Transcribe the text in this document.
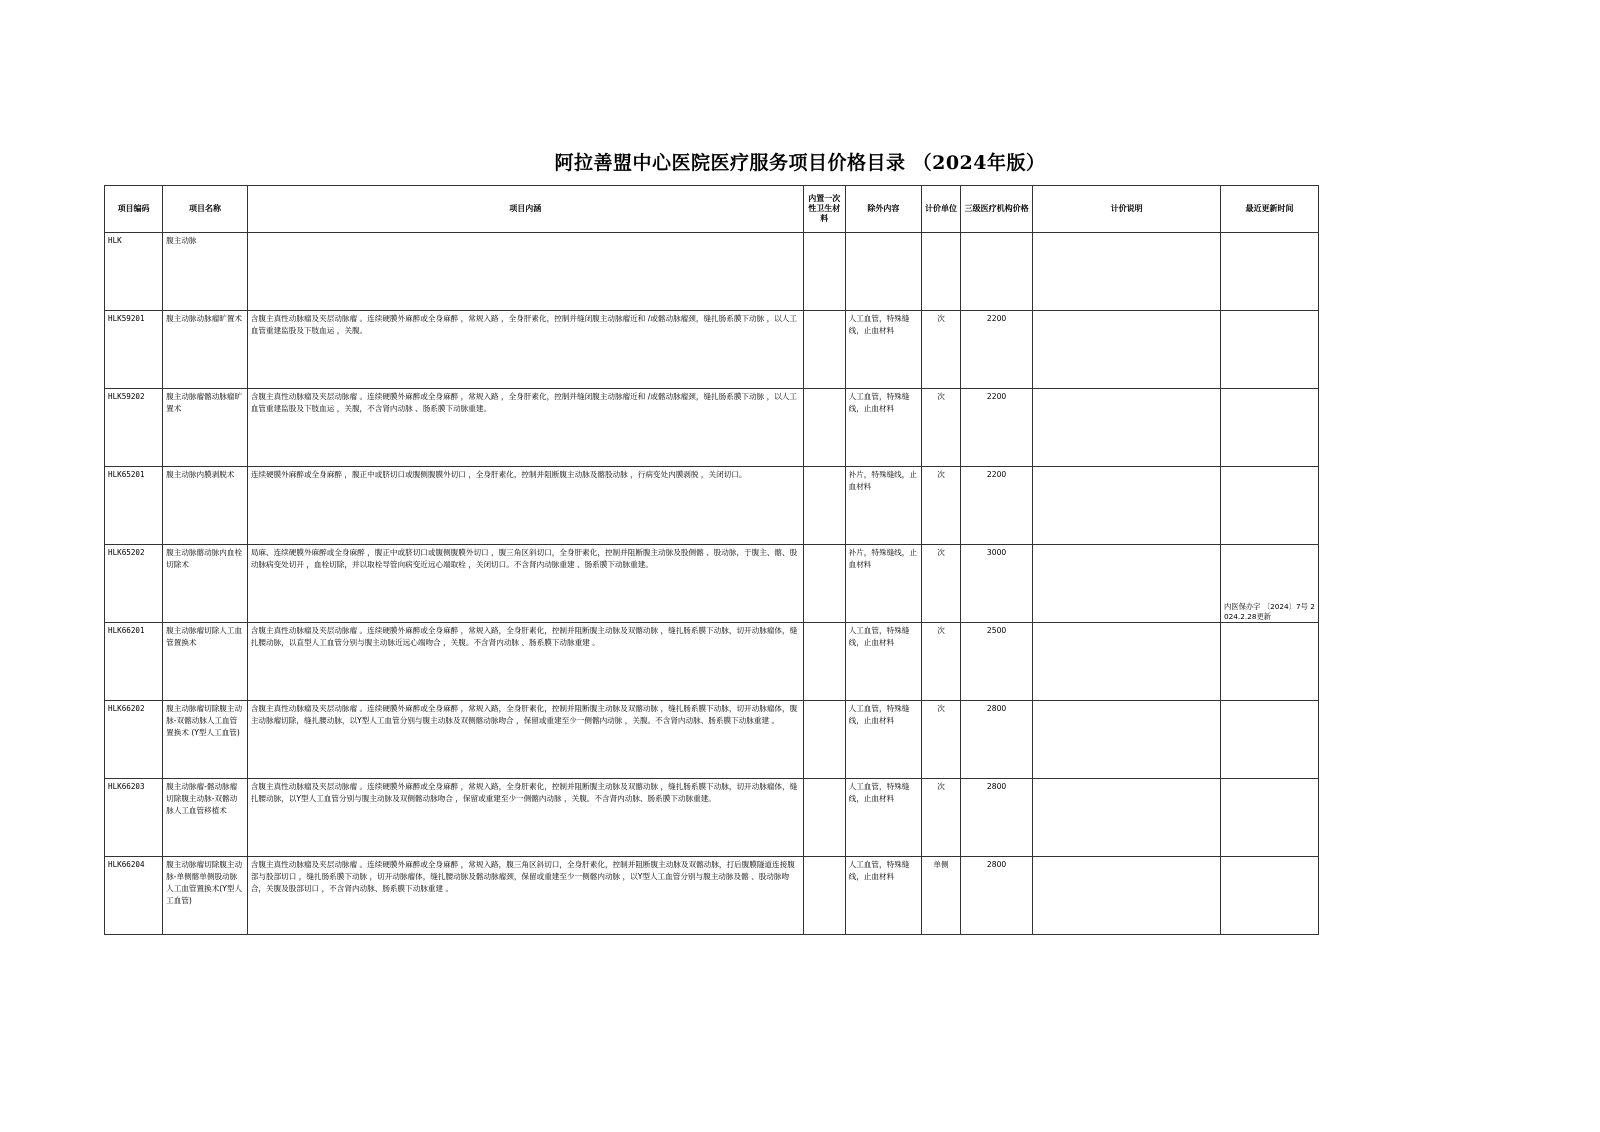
阿拉善盟中心医院医疗服务项目价格目录 （2024年版）
项目编码	项目名称	项目内涵	内置一次性卫生材料	除外内容	计价单位	三级医疗机构价格	计价说明	最近更新时间
HLK	腹主动脉							

HLK59201	腹主动脉动脉瘤旷置术	含腹主真性动脉瘤及夹层动脉瘤 。连续硬膜外麻醉或全身麻醉 ，常规入路 ，全身肝素化，控制并缝闭腹主动脉瘤近和 /或髂动脉瘤颈，缝扎肠系膜下动脉 ，以人工血管重建监股及下肢血运 ，关腹。		人工血管，特殊缝线，止血材料	次	2200		

HLK59202	腹主动脉瘤髂动脉瘤旷置术	含腹主真性动脉瘤及夹层动脉瘤 。连续硬膜外麻醉或全身麻醉 ，常规入路 ，全身肝素化，控制并缝闭腹主动脉瘤近和 /或髂动脉瘤颈，缝扎肠系膜下动脉 ，以人工血管重建监股及下肢血运 ，关腹，不含肾内动脉 、肠系膜下动脉重建。		人工血管，特殊缝线，止血材料	次	2200		

HLK65201	腹主动脉内膜剥脱术	连续硬膜外麻醉或全身麻醉 ，腹正中或脐切口或腹侧腹膜外切口 ，全身肝素化，控制并阻断腹主动脉及髂股动脉 ，行病变处内膜剥脱 ，关闭切口。		补片，特殊缝线，止血材料	次	2200		

HLK65202	腹主动脉髂动脉内血栓切除术	局麻、连续硬膜外麻醉或全身麻醉 ，腹正中或脐切口或腹侧腹膜外切口 ，腹三角区斜切口，全身肝素化，控制并阻断腹主动脉及股侧髂 、股动脉，于腹主、髂、股动脉病变处切开 ，血栓切除，并以取栓导管向病变近远心端取栓 ，关闭切口。不含肾内动脉重建 、肠系膜下动脉重建。		补片，特殊缝线，止血材料	次	3000		内医保办字 〔2024〕7号 2024.2.28更新

HLK66201	腹主动脉瘤切除人工血管置换术	含腹主真性动脉瘤及夹层动脉瘤 。连续硬膜外麻醉或全身麻醉 ，常规入路，全身肝素化，控制并阻断腹主动脉及双髂动脉 ，缝扎肠系膜下动脉，切开动脉瘤体，缝扎腰动脉，以直型人工血管分别与腹主动脉近远心端吻合 ，关腹。不含肾内动脉 、肠系膜下动脉重建 。		人工血管，特殊缝线，止血材料	次	2500		

HLK66202	腹主动脉瘤切除腹主动脉-双髂动脉人工血管置换术 (Y型人工血管)	含腹主真性动脉瘤及夹层动脉瘤 。连续硬膜外麻醉或全身麻醉 ，常规入路，全身肝素化，控制并阻断腹主动脉及双髂动脉 ，缝扎肠系膜下动脉，切开动脉瘤体，腹主动脉瘤切除，缝扎腰动脉，以Y型人工血管分别与腹主动脉及双侧髂动脉吻合 ，保留或重建至少一侧髂内动脉 ，关腹。不含肾内动脉、肠系膜下动脉重建 。		人工血管，特殊缝线，止血材料	次	2800		

HLK66203	腹主动脉瘤-髂动脉瘤切除腹主动脉-双髂动脉人工血管移植术	含腹主真性动脉瘤及夹层动脉瘤 。连续硬膜外麻醉或全身麻醉 ，常规入路，全身肝素化，控制并阻断腹主动脉及双髂动脉 ，缝扎肠系膜下动脉，切开动脉瘤体，缝扎腰动脉，以Y型人工血管分别与腹主动脉及双侧髂动脉吻合 ，保留或重建至少一侧髂内动脉 ，关腹。不含肾内动脉、肠系膜下动脉重建。		人工血管，特殊缝线，止血材料	次	2800		

HLK66204	腹主动脉瘤切除腹主动脉-单侧髂单侧股动脉人工血管置换术(Y型人工血管)	含腹主真性动脉瘤及夹层动脉瘤 。连续硬膜外麻醉或全身麻醉 ，常规入路，腹三角区斜切口，全身肝素化，控制并阻断腹主动脉及双髂动脉，打后腹膜隧道连接腹部与股部切口 ，缝扎肠系膜下动脉 ，切开动脉瘤体，缝扎腰动脉及髂动脉瘤颈，保留或重建至少一侧髂内动脉 ，以Y型人工血管分别与腹主动脉及髂 、股动脉吻合，关腹及股部切口 ，不含肾内动脉、肠系膜下动脉重建 。		人工血管，特殊缝线，止血材料	单侧	2800		
